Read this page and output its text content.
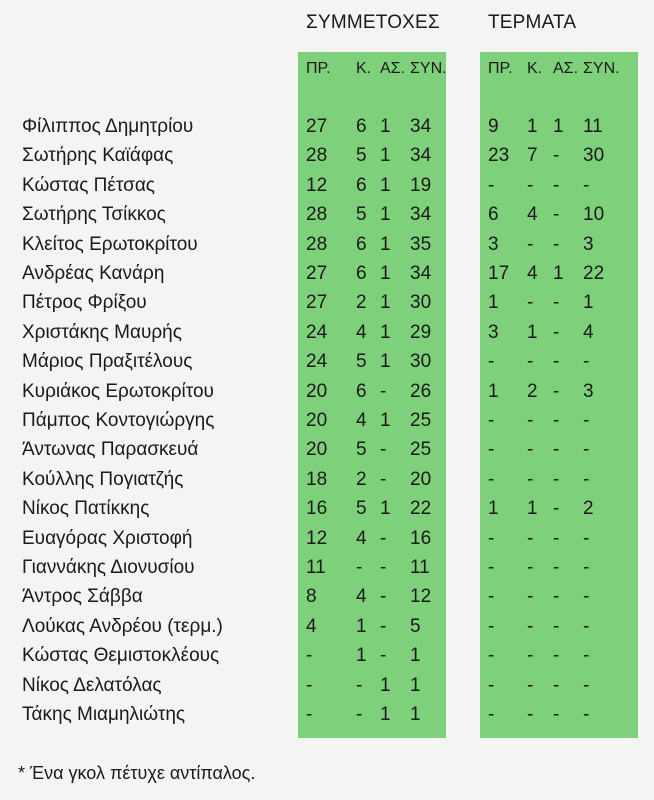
ΣΥΜΜΕΤΟΧΕΣ	ΤΕΡΜΑΤΑ
ΠΡ. Κ. ΑΣ. ΣΥΝ.	ΠΡ. Κ. ΑΣ. ΣΥΝ.
Φίλιππος Δημητρίου	27 6 1 34	9 1 1 11
Σωτήρης Καϊάφας	28 5 1 34	23 7 - 30
Κώστας Πέτσας	12 6 1 19	- - - -
Σωτήρης Τσίκκος	28 5 1 34	6 4 - 10
Κλείτος Ερωτοκρίτου	28 6 1 35	3 - - 3
Ανδρέας Κανάρη	27 6 1 34	17 4 1 22
Πέτρος Φρίξου	27 2 1 30	1 - - 1
Χριστάκης Μαυρής	24 4 1 29	3 1 - 4
Μάριος Πραξιτέλους	24 5 1 30	- - - -
Κυριάκος Ερωτοκρίτου	20 6 - 26	1 2 - 3
Πάμπος Κοντογιώργης	20 4 1 25	- - - -
Άντωνας Παρασκευά	20 5 - 25	- - - -
Κούλλης Πογιατζής	18 2 - 20	- - - -
Νίκος Πατίκκης	16 5 1 22	1 1 - 2
Ευαγόρας Χριστοφή	12 4 - 16	- - - -
Γιαννάκης Διονυσίου	11 - - 11	- - - -
Άντρος Σάββα	8 4 - 12	- - - -
Λούκας Ανδρέου (τερμ.)	4 1 - 5	- - - -
Κώστας Θεμιστοκλέους	- 1 - 1	- - - -
Νίκος Δελατόλας	- - 1 1	- - - -
Τάκης Μιαμηλιώτης	- - 1 1	- - - -
* Ένα γκολ πέτυχε αντίπαλος.
